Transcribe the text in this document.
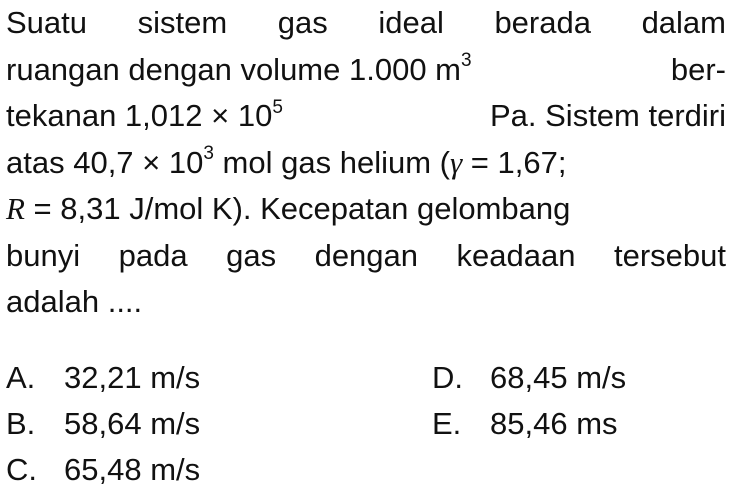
Suatu sistem gas ideal berada dalam
ruangan dengan volume 1.000 $m^3$	ber-
tekanan $1,012 \times 10^5$	Pa. Sistem terdiri
atas $40,7 \times 10^3$ mol gas helium (γ = 1,67;
R = 8,31 J/mol K). Kecepatan gelombang
bunyi pada gas dengan keadaan tersebut
adalah ....
A. 32,21 m/s
B. 58,64 m/s
C. 65,48 m/s
D. 68,45 m/s
E. 85,46 ms
